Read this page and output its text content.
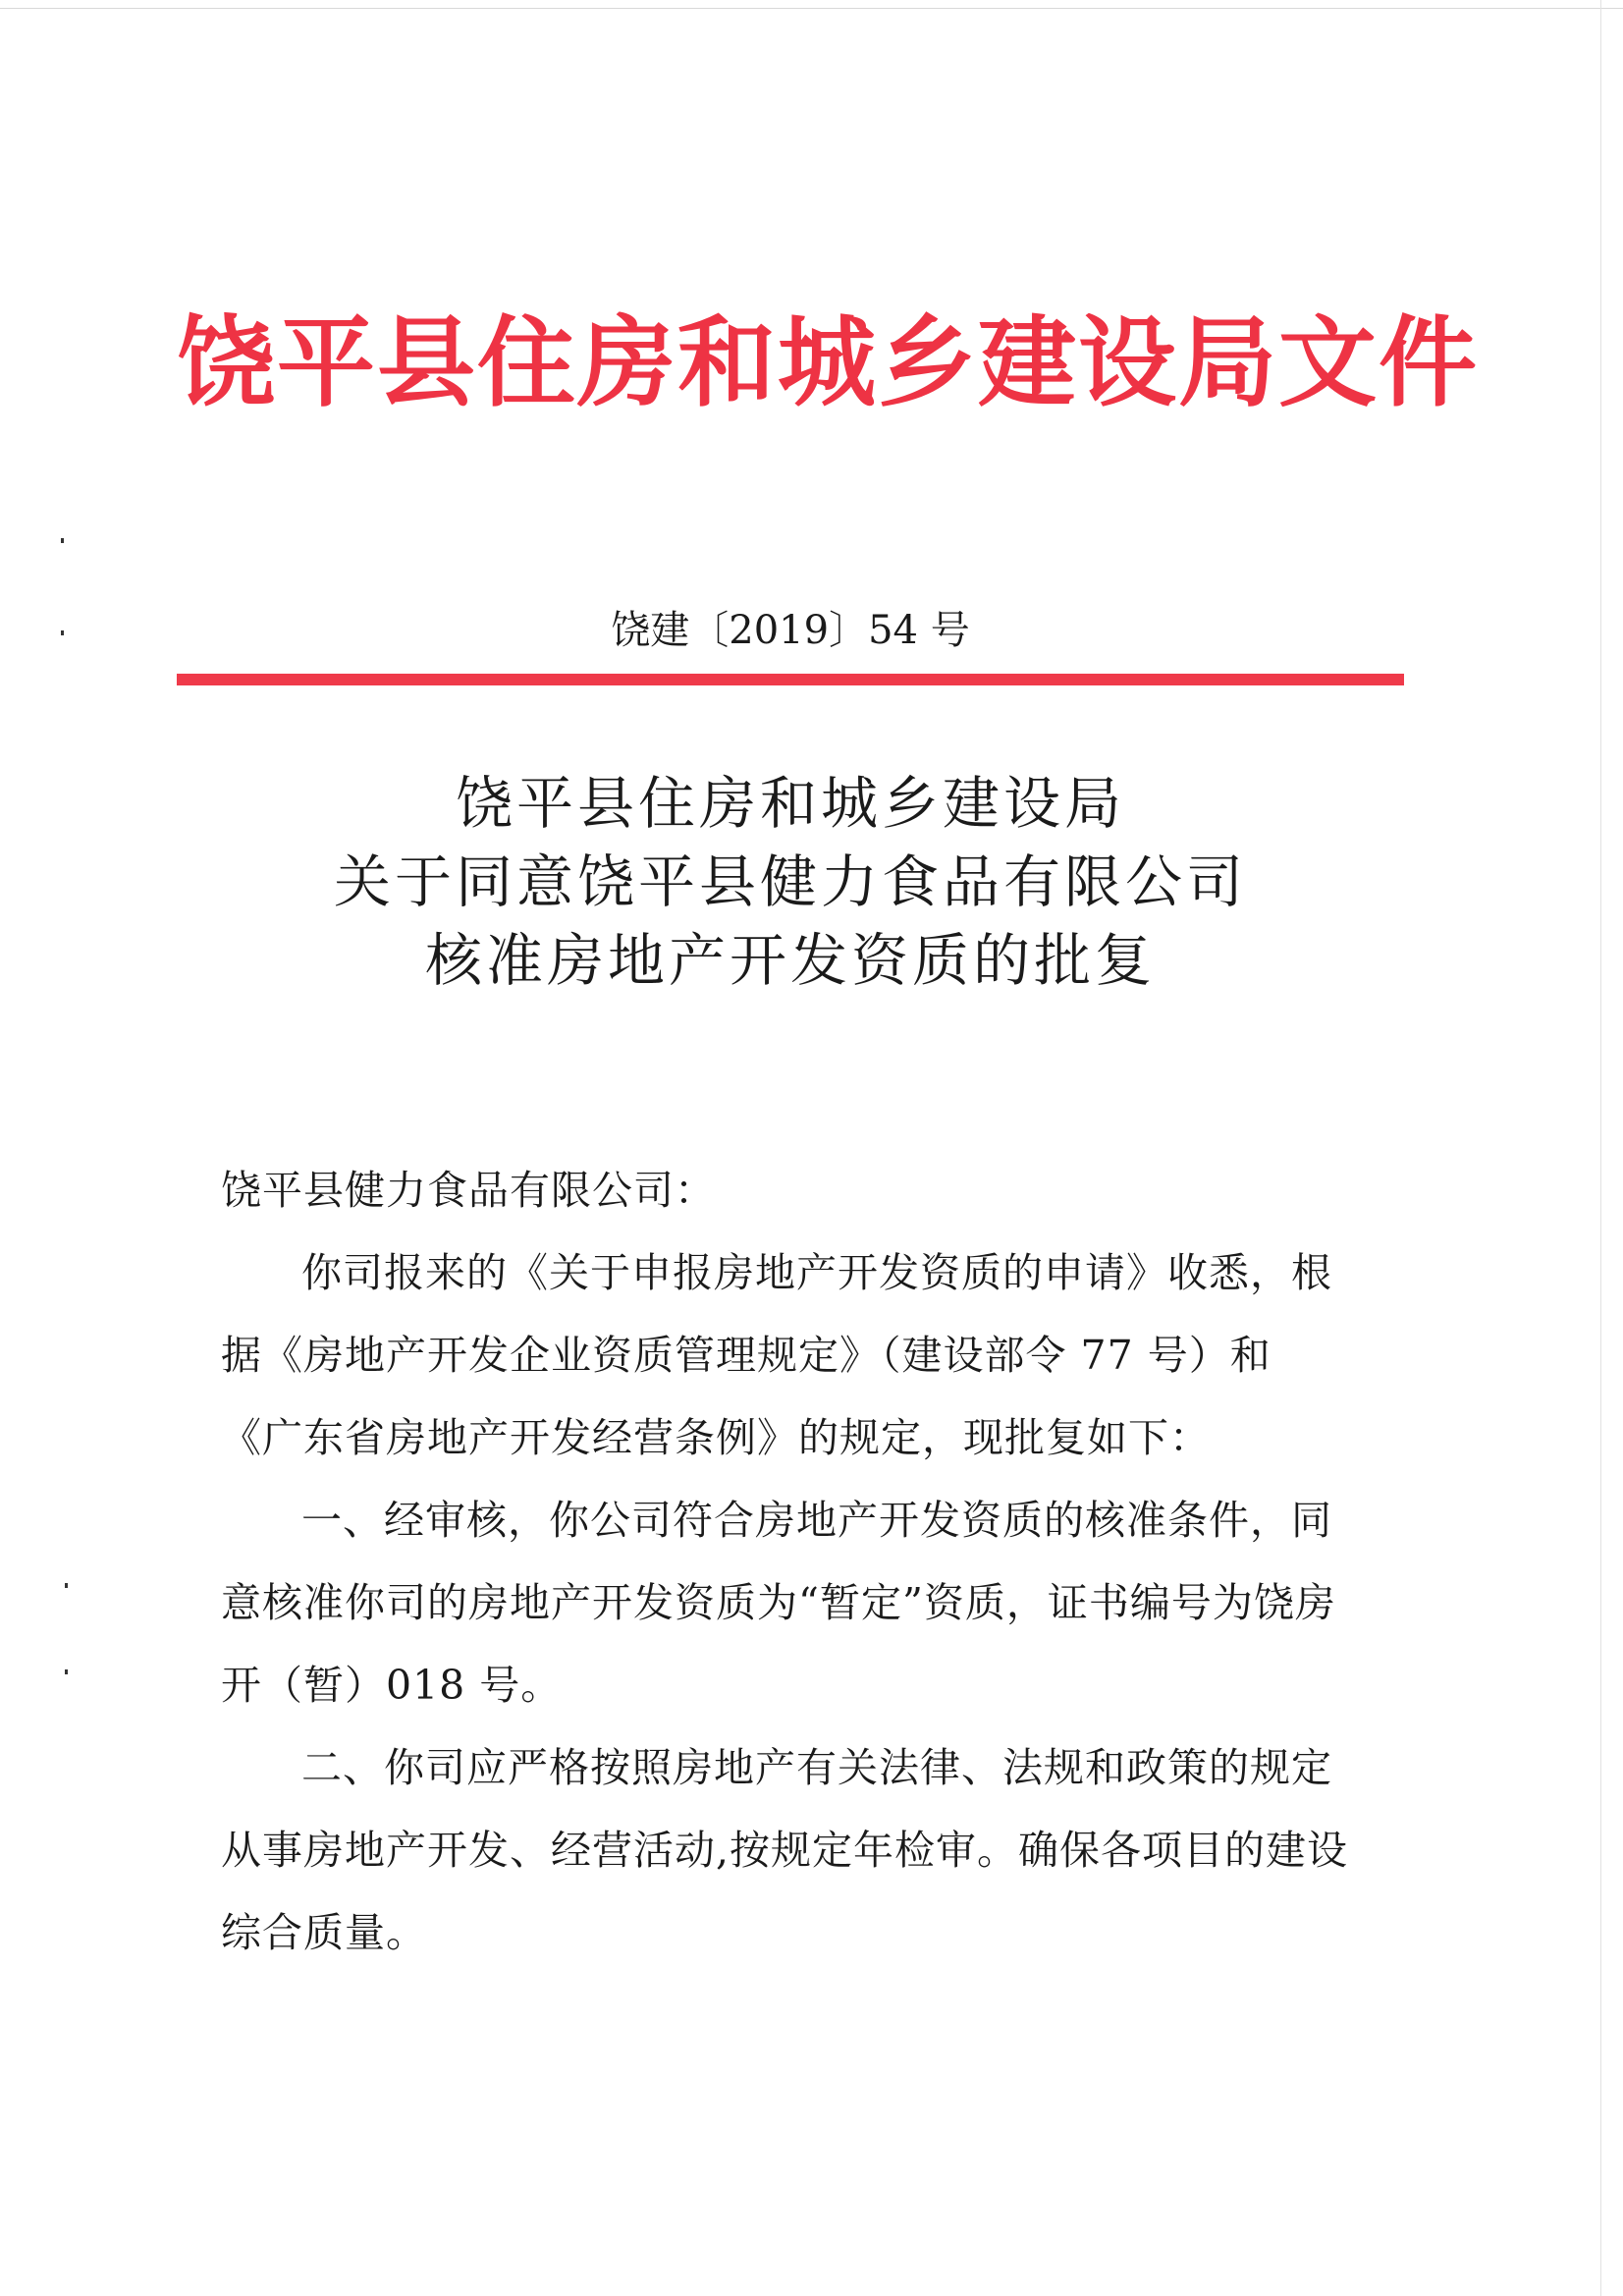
饶平县住房和城乡建设局文件
饶建〔2019〕54 号
饶平县住房和城乡建设局
关于同意饶平县健力食品有限公司
核准房地产开发资质的批复

饶平县健力食品有限公司：

你司报来的《关于申报房地产开发资质的申请》收悉，根据《房地产开发企业资质管理规定》（建设部令 77 号）和《广东省房地产开发经营条例》的规定，现批复如下：

一、经审核，你公司符合房地产开发资质的核准条件，同意核准你司的房地产开发资质为“暂定”资质，证书编号为饶房开（暂）018 号。

二、你司应严格按照房地产有关法律、法规和政策的规定从事房地产开发、经营活动,按规定年检审。确保各项目的建设综合质量。
